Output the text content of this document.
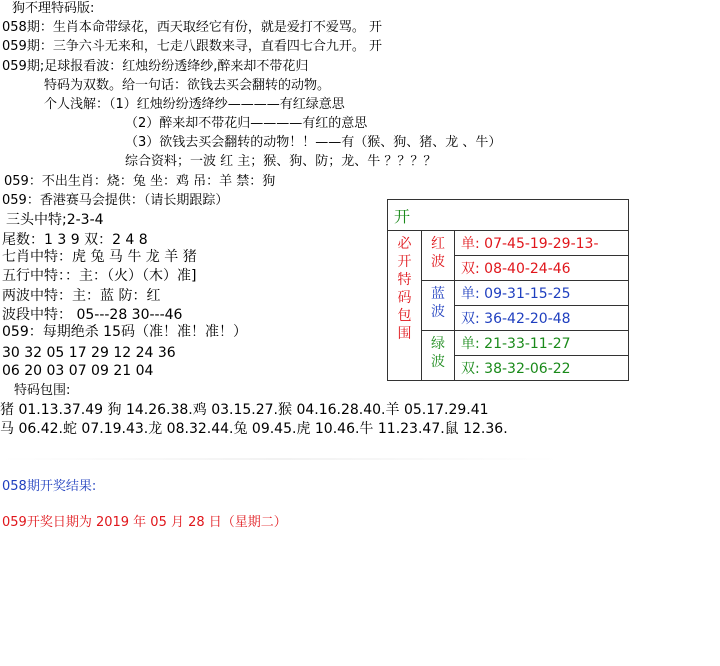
狗不理特码版:
058期：生肖本命带绿花，西天取经它有份，就是爱打不爱骂。 开
059期：三争六斗无来和，七走八跟数来寻，直看四七合九开。 开
059期;足球报看波：红烛纷纷透绛纱,醉来却不带花归
特码为双数。给一句话：欲钱去买会翻转的动物。
个人浅解：（1）红烛纷纷透绛纱————有红绿意思
（2）醉来却不带花归————有红的意思
（3）欲钱去买会翻转的动物！！——有（猴、狗、猪、龙 、牛）
综合资料；一波 红 主；猴、狗、防；龙、牛 ？？？？
059：不出生肖：烧：兔 坐：鸡 吊：羊 禁：狗
059：香港赛马会提供：（请长期跟踪）
三头中特;2-3-4
尾数：1 3 9 双：2 4 8
七肖中特：虎 兔 马 牛 龙 羊 猪
五行中特：：主：（火）（木）准]
两波中特：主：蓝 防：红
波段中特： 05---28 30---46
059：每期绝杀 15码（准！准！准！）
30 32 05 17 29 12 24 36
06 20 03 07 09 21 04
特码包围:
猪 01.13.37.49 狗 14.26.38.鸡 03.15.27.猴 04.16.28.40.羊 05.17.29.41
马 06.42.蛇 07.19.43.龙 08.32.44.兔 09.45.虎 10.46.牛 11.23.47.鼠 12.36.
058期开奖结果:
059开奖日期为 2019 年 05 月 28 日（星期二）
开		
必开特码包围	红波	单: 07-45-19-29-13-
		双: 08-40-24-46
	蓝波	单: 09-31-15-25
		双: 36-42-20-48
	绿波	单: 21-33-11-27
		双: 38-32-06-22
